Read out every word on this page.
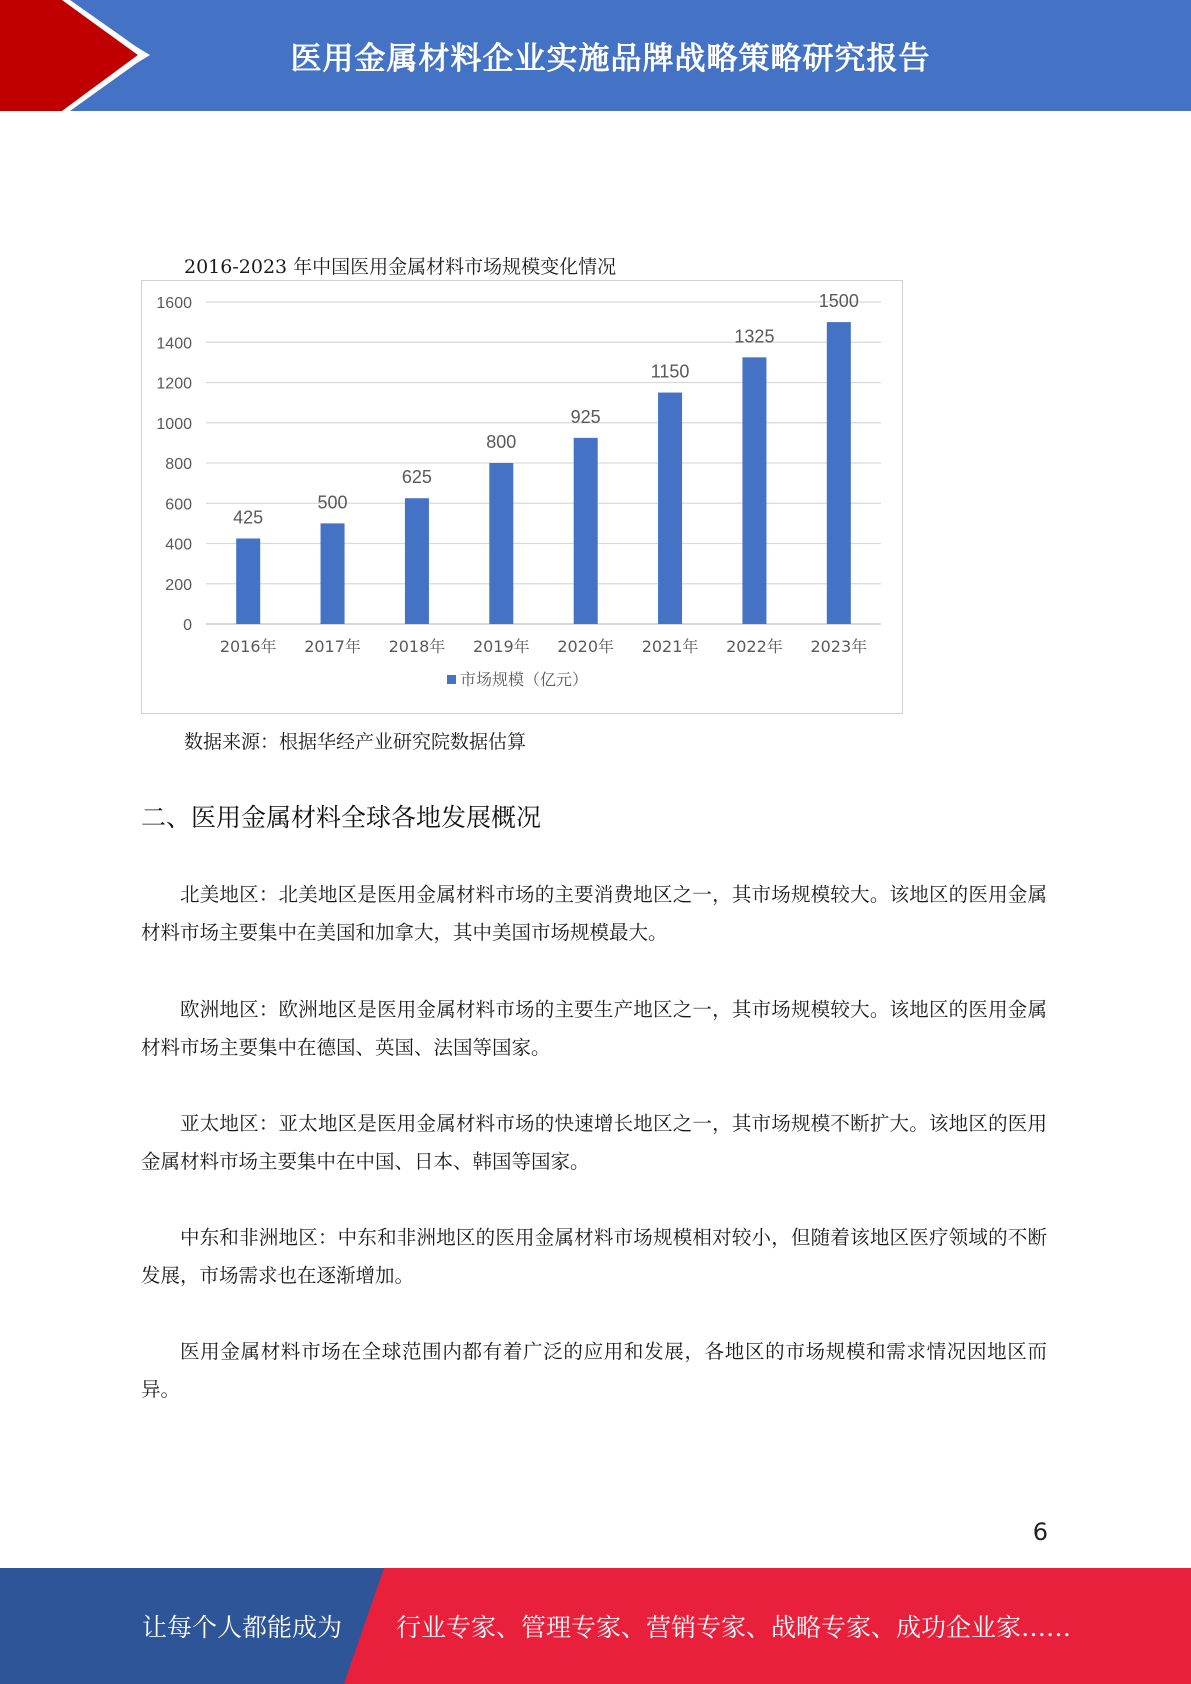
医用金属材料企业实施品牌战略策略研究报告
2016-2023 年中国医用金属材料市场规模变化情况
0
200
400
600
800
1000
1200
1400
1600
425
2016年
500
2017年
625
2018年
800
2019年
925
2020年
1150
2021年
1325
2022年
1500
2023年
市场规模（亿元）
数据来源：根据华经产业研究院数据估算
二、医用金属材料全球各地发展概况
北美地区：北美地区是医用金属材料市场的主要消费地区之一，其市场规模较大。该地区的医用金属材料市场主要集中在美国和加拿大，其中美国市场规模最大。
欧洲地区：欧洲地区是医用金属材料市场的主要生产地区之一，其市场规模较大。该地区的医用金属材料市场主要集中在德国、英国、法国等国家。
亚太地区：亚太地区是医用金属材料市场的快速增长地区之一，其市场规模不断扩大。该地区的医用金属材料市场主要集中在中国、日本、韩国等国家。
中东和非洲地区：中东和非洲地区的医用金属材料市场规模相对较小，但随着该地区医疗领域的不断发展，市场需求也在逐渐增加。
医用金属材料市场在全球范围内都有着广泛的应用和发展，各地区的市场规模和需求情况因地区而异。
6
让每个人都能成为 行业专家、管理专家、营销专家、战略专家、成功企业家……
